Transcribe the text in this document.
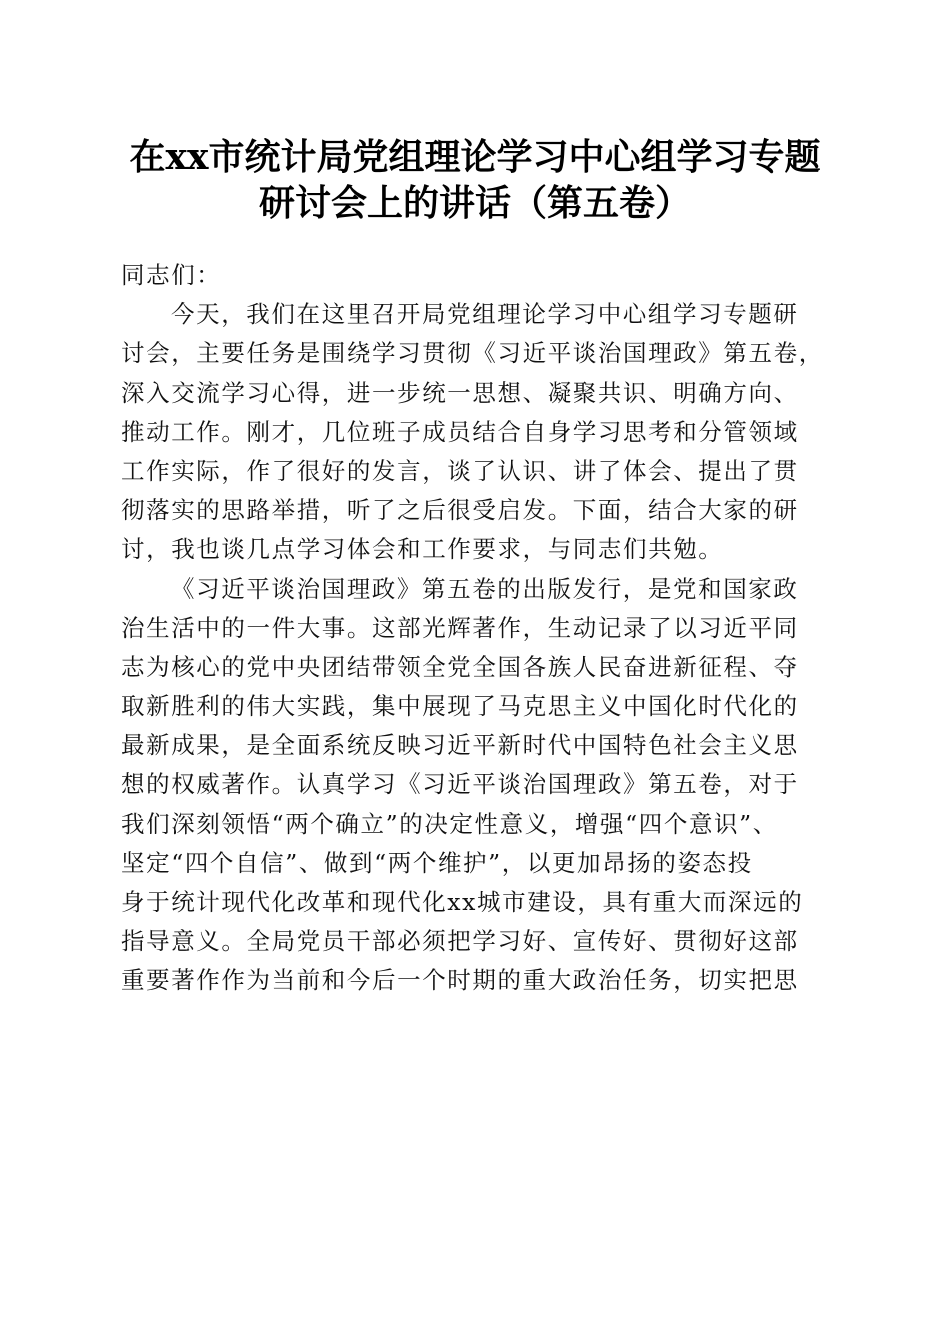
在xx市统计局党组理论学习中心组学习专题
研讨会上的讲话（第五卷）
同志们：
今天，我们在这里召开局党组理论学习中心组学习专题研
讨会，主要任务是围绕学习贯彻《习近平谈治国理政》第五卷，
深入交流学习心得，进一步统一思想、凝聚共识、明确方向、
推动工作。刚才，几位班子成员结合自身学习思考和分管领域
工作实际，作了很好的发言，谈了认识、讲了体会、提出了贯
彻落实的思路举措，听了之后很受启发。下面，结合大家的研
讨，我也谈几点学习体会和工作要求，与同志们共勉。
《习近平谈治国理政》第五卷的出版发行，是党和国家政
治生活中的一件大事。这部光辉著作，生动记录了以习近平同
志为核心的党中央团结带领全党全国各族人民奋进新征程、夺
取新胜利的伟大实践，集中展现了马克思主义中国化时代化的
最新成果，是全面系统反映习近平新时代中国特色社会主义思
想的权威著作。认真学习《习近平谈治国理政》第五卷，对于
我们深刻领悟“两个确立”的决定性意义，增强“四个意识”、
坚定“四个自信”、做到“两个维护”，以更加昂扬的姿态投
身于统计现代化改革和现代化xx城市建设，具有重大而深远的
指导意义。全局党员干部必须把学习好、宣传好、贯彻好这部
重要著作作为当前和今后一个时期的重大政治任务，切实把思
